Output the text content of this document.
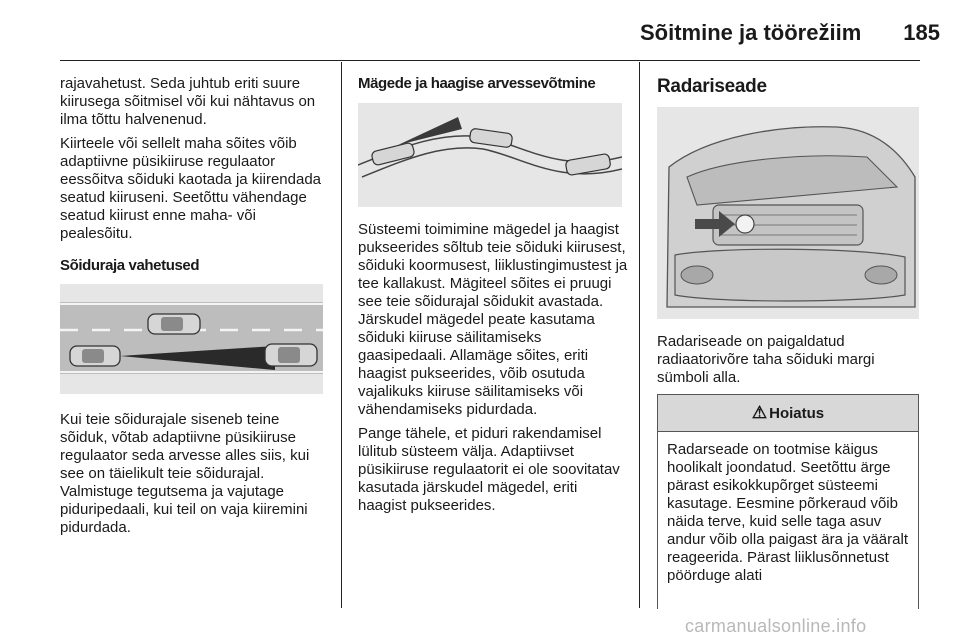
Sõitmine ja töörežiim	185

rajavahetust. Seda juhtub eriti suure kiirusega sõitmisel või kui nähtavus on ilma tõttu halvenenud.

Kiirteele või sellelt maha sõites võib adaptiivne püsikiiruse regulaator eessõitva sõiduki kaotada ja kiirendada seatud kiiruseni. Seetõttu vähendage seatud kiirust enne maha- või pealesõitu.

Sõiduraja vahetused

Kui teie sõidurajale siseneb teine sõiduk, võtab adaptiivne püsikiiruse regulaator seda arvesse alles siis, kui see on täielikult teie sõidurajal. Valmistuge tegutsema ja vajutage piduripedaali, kui teil on vaja kiiremini pidurdada.

Mägede ja haagise arvessevõtmine

Süsteemi toimimine mägedel ja haagist pukseerides sõltub teie sõiduki kiirusest, sõiduki koormusest, liiklustingimustest ja tee kallakust. Mägiteel sõites ei pruugi see teie sõidurajal sõidukit avastada. Järskudel mägedel peate kasutama sõiduki kiiruse säilitamiseks gaasipedaali. Allamäge sõites, eriti haagist pukseerides, võib osutuda vajalikuks kiiruse säilitamiseks või vähendamiseks pidurdada.

Pange tähele, et piduri rakendamisel lülitub süsteem välja. Adaptiivset püsikiiruse regulaatorit ei ole soovitatav kasutada järskudel mägedel, eriti haagist pukseerides.

Radariseade

Radariseade on paigaldatud radiaatorivõre taha sõiduki margi sümboli alla.

⚠ Hoiatus
Radarseade on tootmise käigus hoolikalt joondatud. Seetõttu ärge pärast esikokkupõrget süsteemi kasutage. Eesmine põrkeraud võib näida terve, kuid selle taga asuv andur võib olla paigast ära ja vääralt reageerida. Pärast liiklusõnnetust pöörduge alati
carmanualsonline.info
